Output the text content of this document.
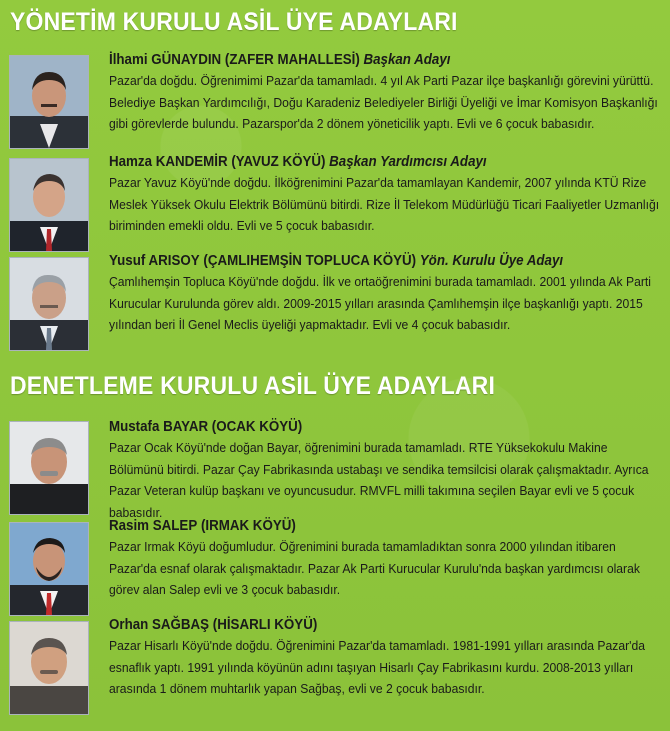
YÖNETİM KURULU ASİL ÜYE ADAYLARI
İlhami GÜNAYDIN (ZAFER MAHALLESİ) Başkan Adayı
Pazar'da doğdu. Öğrenimimi Pazar'da tamamladı. 4 yıl Ak Parti Pazar ilçe başkanlığı görevini yürüttü. Belediye Başkan Yardımcılığı, Doğu Karadeniz Belediyeler Birliği Üyeliği ve İmar Komisyon Başkanlığı gibi görevlerde bulundu. Pazarspor'da 2 dönem yöneticilik yaptı. Evli ve 6 çocuk babasıdır.
Hamza KANDEMİR (YAVUZ KÖYÜ) Başkan Yardımcısı Adayı
Pazar Yavuz Köyü'nde doğdu. İlköğrenimini Pazar'da tamamlayan Kandemir, 2007 yılında KTÜ Rize Meslek Yüksek Okulu Elektrik Bölümünü bitirdi. Rize İl Telekom Müdürlüğü Ticari Faaliyetler Uzmanlığı biriminden emekli oldu. Evli ve 5 çocuk babasıdır.
Yusuf ARISOY (ÇAMLIHEMŞİN TOPLUCA KÖYÜ) Yön. Kurulu Üye Adayı
Çamlıhemşin Topluca Köyü'nde doğdu. İlk ve ortaöğrenimini burada tamamladı. 2001 yılında Ak Parti Kurucular Kurulunda görev aldı. 2009-2015 yılları arasında Çamlıhemşin ilçe başkanlığı yaptı. 2015 yılından beri İl Genel Meclis üyeliği yapmaktadır. Evli ve 4 çocuk babasıdır.
DENETLEME KURULU ASİL ÜYE ADAYLARI
Mustafa BAYAR (OCAK KÖYÜ)
Pazar Ocak Köyü'nde doğan Bayar, öğrenimini burada tamamladı. RTE Yüksekokulu Makine Bölümünü bitirdi. Pazar Çay Fabrikasında ustabaşı ve sendika temsilcisi olarak çalışmaktadır. Ayrıca Pazar Veteran kulüp başkanı ve oyuncusudur. RMVFL milli takımına seçilen Bayar evli ve 5 çocuk babasıdır.
Rasim SALEP (IRMAK KÖYÜ)
Pazar Irmak Köyü doğumludur. Öğrenimini burada tamamladıktan sonra 2000 yılından itibaren Pazar'da esnaf olarak çalışmaktadır. Pazar Ak Parti Kurucular Kurulu'nda başkan yardımcısı olarak görev alan Salep evli ve 3 çocuk babasıdır.
Orhan SAĞBAŞ (HİSARLI KÖYÜ)
Pazar Hisarlı Köyü'nde doğdu. Öğrenimini Pazar'da tamamladı. 1981-1991 yılları arasında Pazar'da esnaflık yaptı. 1991 yılında köyünün adını taşıyan Hisarlı Çay Fabrikasını kurdu. 2008-2013 yılları arasında 1 dönem muhtarlık yapan Sağbaş, evli ve 2 çocuk babasıdır.
